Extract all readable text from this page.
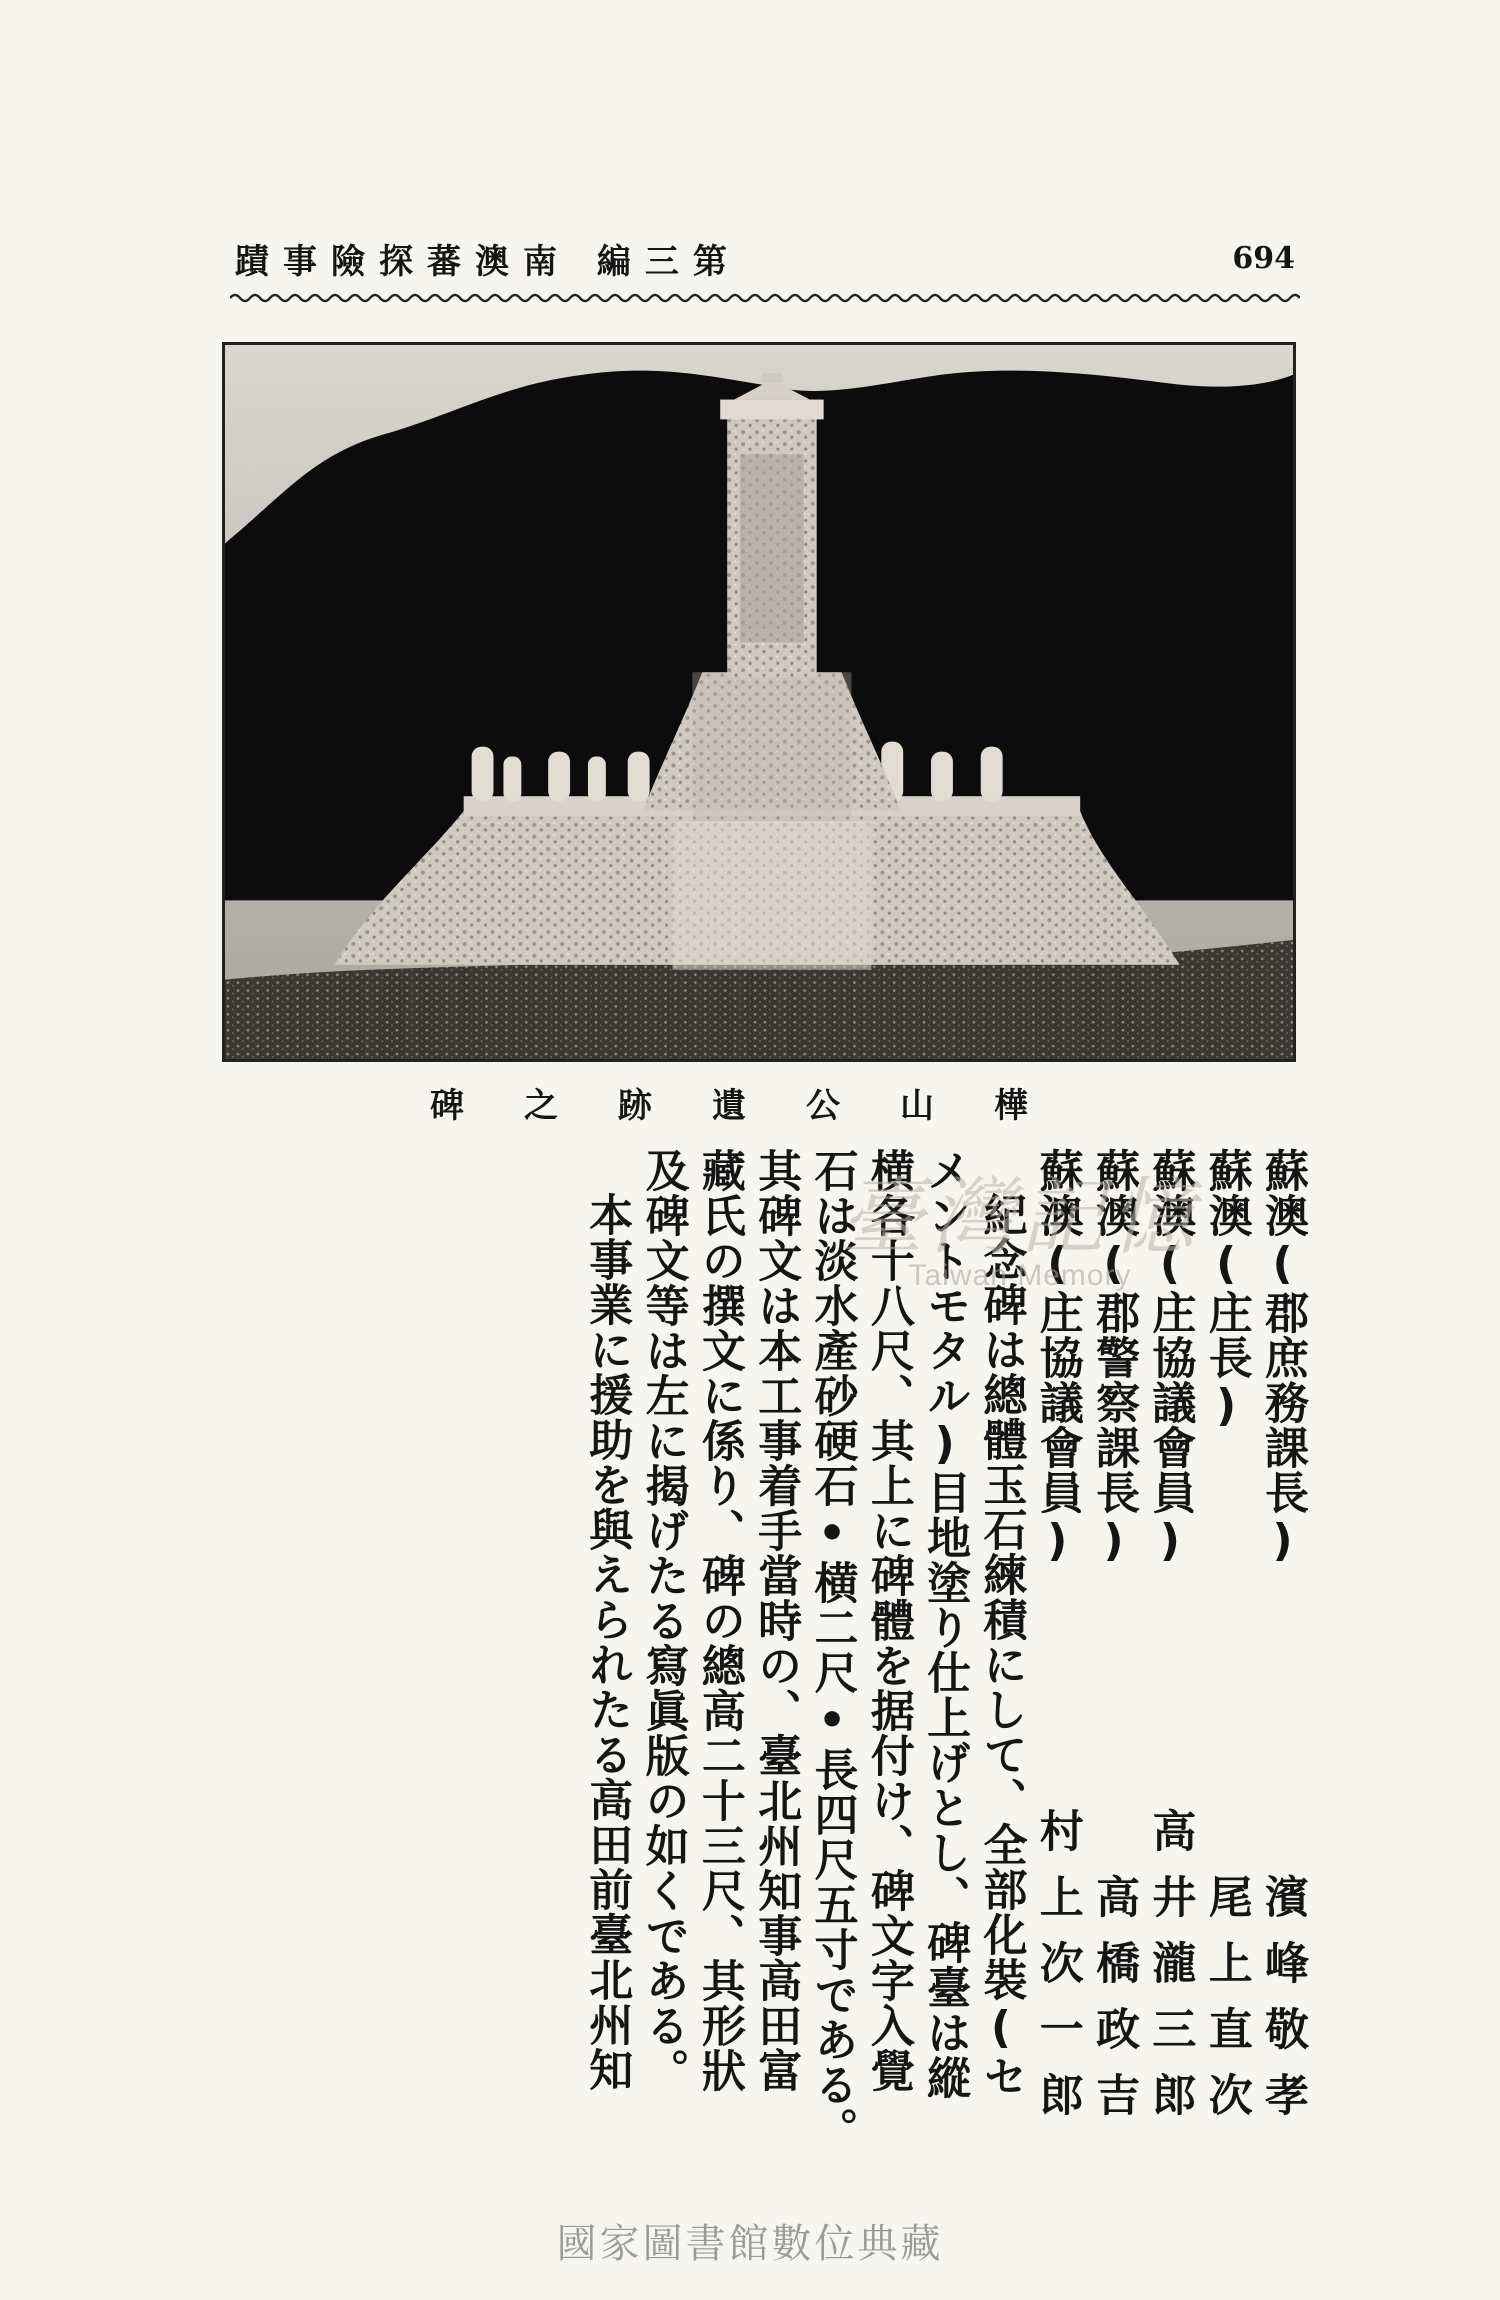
第三編 南澳蕃探險事蹟	694
樺山公遺跡之碑
蘇澳(郡庶務課長)
濱峰敬孝
蘇澳(庄長)
尾上直次
蘇澳(庄協議會員)
高井瀧三郎
蘇澳(郡警察課長)
高橋政吉
蘇澳(庄協議會員)
村上次一郎
紀念碑は總體玉石練積にして、全部化裝(セ
メントモタル)目地塗り仕上げとし、碑臺は縱
横各十八尺、其上に碑體を据付け、碑文字入覺
石は淡水產砂硬石•横二尺•長四尺五寸である。
其碑文は本工事着手當時の、臺北州知事高田富
藏氏の撰文に係り、碑の總高二十三尺、其形狀
及碑文等は左に揭げたる寫眞版の如くである。
本事業に援助を與えられたる高田前臺北州知 臺灣記憶
Taiwan Memory
國家圖書館數位典藏
